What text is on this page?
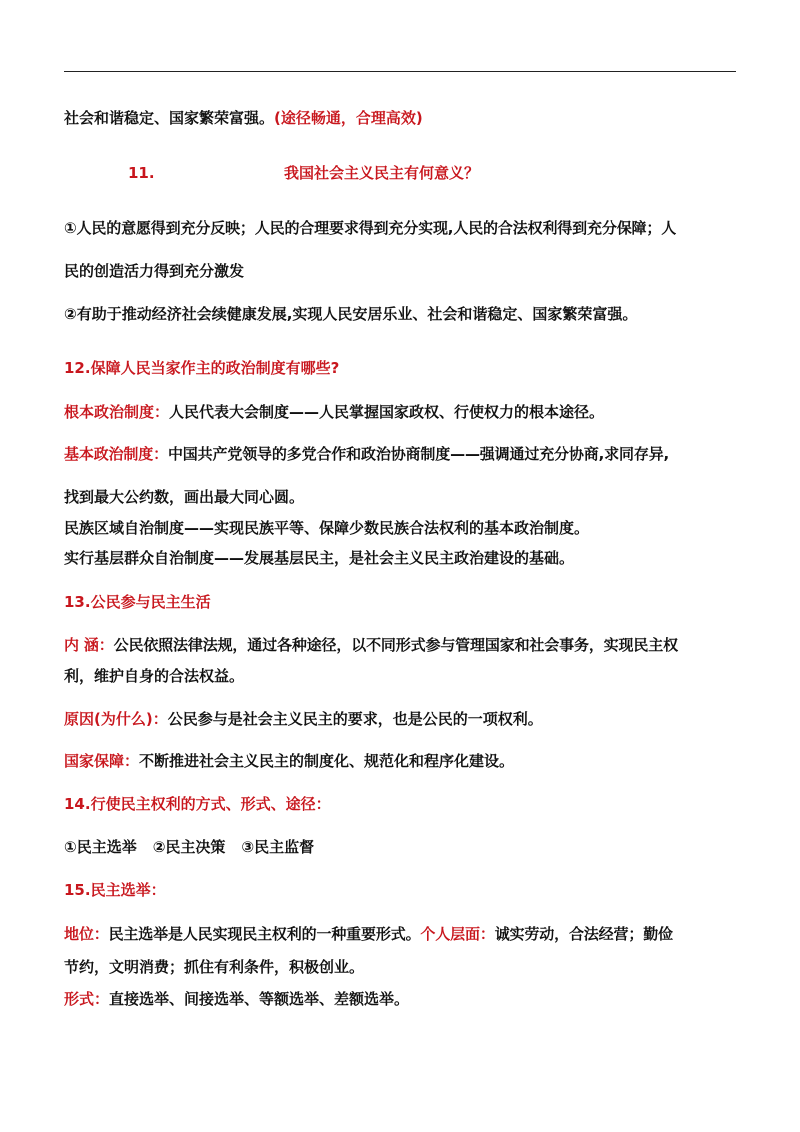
社会和谐稳定、国家繁荣富强。(途径畅通，合理高效)
11.	我国社会主义民主有何意义？
①人民的意愿得到充分反映；人民的合理要求得到充分实现,人民的合法权利得到充分保障；人
民的创造活力得到充分激发
②有助于推动经济社会续健康发展,实现人民安居乐业、社会和谐稳定、国家繁荣富强。
12.保障人民当家作主的政治制度有哪些?
根本政治制度：人民代表大会制度——人民掌握国家政权、行使权力的根本途径。
基本政治制度：中国共产党领导的多党合作和政治协商制度——强调通过充分协商,求同存异,
找到最大公约数，画出最大同心圆。
民族区域自治制度——实现民族平等、保障少数民族合法权利的基本政治制度。
实行基层群众自治制度——发展基层民主，是社会主义民主政治建设的基础。
13.公民参与民主生活
内 涵：公民依照法律法规，通过各种途径，以不同形式参与管理国家和社会事务，实现民主权
利，维护自身的合法权益。
原因(为什么)：公民参与是社会主义民主的要求，也是公民的一项权利。
国家保障：不断推进社会主义民主的制度化、规范化和程序化建设。
14.行使民主权利的方式、形式、途径：
①民主选举 ②民主决策 ③民主监督
15.民主选举：
地位：民主选举是人民实现民主权利的一种重要形式。个人层面：诚实劳动，合法经营；勤俭
节约，文明消费；抓住有利条件，积极创业。
形式：直接选举、间接选举、等额选举、差额选举。
